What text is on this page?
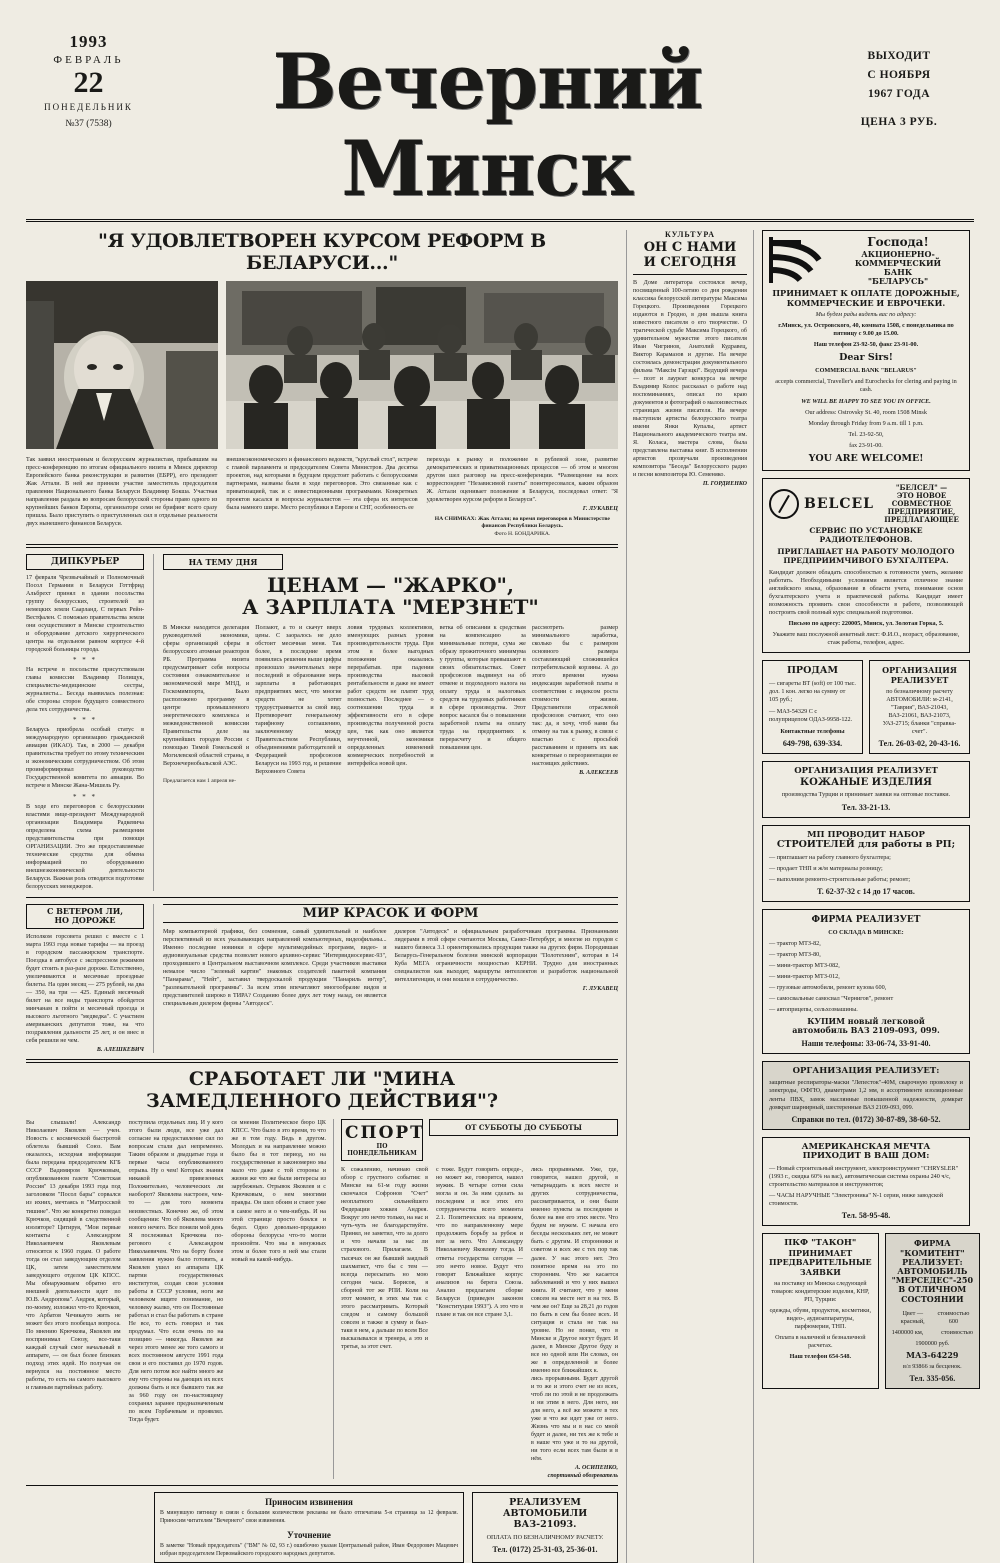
1993
ФЕВРАЛЬ
22
ПОНЕДЕЛЬНИК
№37 (7538)	Вечерний Минск
ВЫХОДИТ
С НОЯБРЯ
1967 ГОДА
ЦЕНА 3 РУБ.
"Я УДОВЛЕТВОРЕН КУРСОМ РЕФОРМ В БЕЛАРУСИ..."
Так заявил иностранным и белорусским журналистам, прибывшим на пресс-конференцию по итогам официального визита в Минск директор Европейского банка реконструкции и развития (ЕБРР), его президент Жак Аттали. В ней же приняли участие заместитель председателя правления Национального банка Беларуси Владимир Бокша. Участная направления раздала во вопросам белорусской стороны право одного из крупнейших банков Европы, организаторе семи не брифинг всего сразу пришла. Было приступить о приступленных сил в отдельные реальности двух нынешнего финансов Беларуси.
внешнеэкономического и финансового ведомств, "круглый стол", встрече с главой парламента и председателем Совета Министров. Два десятка проектов, над которыми в будущем предстоит работать с белорусскими партнерами, названы были в ходе переговоров. Это связанные как с приватизацией, так и с инвестиционными программами. Конкретных проектов касался и вопросы журналистов — эта сфера их интересов была намного шире. Место республики в Европе и СНГ, особенность ее
перехода к рынку и положение в рублевой зоне, развитие демократических и приватизационных процессов — об этом и многом другом шел разговор на пресс-конференции. *Размещение на всех корреспондент "Независимой газеты" поинтересовался, каким образом Ж. Аттали оценивает положение в Беларуси, последовал ответ: "Я удовлетворен курсом реформ в Беларуси".
Г. ЛУКАВЕЦ
НА СНИМКАХ: Жак Аттали; во время переговоров в Министерстве финансов Республики Беларусь.
Фото Н. БОНДАРИКА.
ДИПКУРЬЕР
17 февраля Чрезвычайный и Полномочный Посол Германии в Беларуси Готтфрид Альбрехт принял в здании посольства группу белорусских, строителей из немецких земли Саарланд. С первых Рейн-Вестфален. С поможью правительства земли они осуществляют в Минске строительство и оборудование детского хирургического центра на отдельном равном корпусе 4-й городской больницы города.
* * *
На встрече в посольстве присутствовали главы комиссии Владимир Полищук, специалисты-медицинские сестры, журналисты... Беседа выявилась полезная: обе стороны сторон будущего совместного дела тех сотрудничества.
* * *
Беларусь приобрела особый статус в международную организацию гражданской авиации (ИКАО). Так, в 2000 — декабря правительства требует по этому техническим и экономическим сотрудничеством. Об этом проинформировал руководство Государственной комитета по авиации. Во встрече в Минске Жана-Мишель Ру.
* * *
В ходе его переговоров с белорусскими властями вице-президент Международной организации Владимира Радкевича определена схема размещения представительства при помощи ОРГАНИЗАЦИИ. Это же предоставляемые технические средства для обмена информацией по оборудованию внешнеэкономической деятельности Беларуси. Важная роль отводится подготовке белорусских менеджеров.
НА ТЕМУ ДНЯ
ЦЕНАМ — "ЖАРКО",
А ЗАРПЛАТА "МЕРЗНЕТ"
В Минске находится делегация руководителей экономики, сферы организаций сферы в белорусского атомные реакторов РБ. Программа визита предусматривает себя вопросы состояния ознакомительное и экономической мире МНД, и Госкомимпорта, Было расположено программу в центре промышленного энергетического комплекса и межведомственной комиссии Правительства деле на крупнейших городов России с помощью Тимой Гомельской и Могилевской областей страны, в Верхнечернобыльской АЭС.
Ползают, а то и скачут вверх цены. С заоралось не дело обстоит месячная меня. Так более, в последние время появились решения выше цифры произошло значительных мере последний и образование мерь зарплаты в работающих предприятиях мест, что многие средств не хотят трудоустраивается за свой вид. Противоречит генеральному тарифному соглашению, заключенному между Правительством Республики, объединениями работодателей и Федерацией профсоюзов Беларуси на 1993 год, и решение Верховного Совета
ловия трудовых коллективов, именующих разных уровня производительности труда. При этом в более выгодных положении оказались перерабатыв. при падении производства высокой рентабельности и даже не имеет работ средств не платят труд полностью. Последнее — о соотношении труда и эффективности его в сфере производства полученной роста цен, так как оно является неучтенной, экономики определенных изменений коммерческих потребностей и интерфейса новой цен.
ветка об описании к средствам на компенсацию за минимальные потери, сума же образу прожиточного минимума у группы, которые превышают в своих обязательствах. Совет профсоюзов выдвинул на об отмене и подоходного налога на оплату труда и налоговых средств на трудовых работников в сфере производства. Этот вопрос касался бы о повышении заработной платы на оплату труда на предприятиях к перерасчету и общего повышения цен.
рассмотреть размер минимального заработка, сколько бы с размером основного размера составляющий сложившейся потребительской корзины. А до этого времени нужна индексация заработной платы в соответствии с индексом роста стоимости жизни. Представители отраслевой профсоюзов считают, что оно так: да, я хочу, чтоб нами бы отмену на так к рынку, в связи с властью с просьбой расставанием и принять их как конкретные о переориентации ее настоящих действиях.
В. АЛЕКСЕЕВ
Предлагается нам 1 апреля не-
С ВЕТЕРОМ ЛИ,
НО ДОРОЖЕ
Исполком горсовета решил с вместе с 1 марта 1993 года новые тарифы — на проезд в городском пассажирском транспорте. Поездка в автобусе с экспрессном режимом будет стоить в раз-разе дороже. Естественно, увеличиваются и месячные проездные билеты. На один месяц — 275 рублей, на два — 350, на три — 425. Единый месячный билет на все виды транспорта обойдется минчанам в пойти и месячный проезда и высокого льготного "медведка". С участием американских депутатов тоже, на что поздравления дальности 25 лет, и он внес в себя решили не чем.
В. АЛЕШКЕВИЧ
МИР КРАСОК И ФОРМ
Мир компьютерной графики, без сомнения, самый удивительный и наиболее перспективный из всех указывающих направлений компьютерных, видеофильмы... Именно последние новинки в сфере мультимедийных программ, видео- и аудиовизуальные средства позволят нового архивно-сервис "Интервидиосервис-93", проходившего в Центральном выставочном комплексе. Среди участников выставки немалое число "зеленый картин" знакомых создателей пакетной компании "Панарама", "Нейт", заставил твердоскалой продукции "Панариль интер", "разлекательной программы". За всем этим впечатляют многообразие видов и представителей широко в ТИРА? Созданию более двух лет тому назад, он является специальным дилером фирмы "Автодеск".
дилеров "Автодеск" и официальным разработчикам программы. Признанными лидерами в этой сфере считаются Москва, Санкт-Петербург, и многие из городов с нашего бизнеса 3.1 ориентировались продукции также на других фирм. Породившая Беларусь-Генеральном болезни минской корпорации "Полотехним", которая в 14 Куба МЕГА ограничности мощностью КЕРНИ. Трудно для иностранных специалистов как выходит, маршруты интеллектов и разработок национальной интеллигенции, и они вошли в сотрудничество.
Г. ЛУКАВЕЦ
СРАБОТАЕТ ЛИ "МИНА
ЗАМЕДЛЕННОГО ДЕЙСТВИЯ"?
Вы слышали! Александр Николаевич Яковлев — учен. Новость с космической быстротой облетела бывший Союз. Вам оказалось, исходная информация была передана председателем КГБ СССР Вадимиром Крючковым, опубликованном газете "Советская Россия" 13 декабря 1993 года под заголовком "Посол бары" сорвался из ихних, мечтаясь в "Матросской тишине". Что же конкретно поведал Крючков, сидящий в следственной изоляторе? Цитируя, "Мои первые контакты с Александром Николаевичем Яковлевым относятся к 1960 годам. О работе тогда он стал заведующим отделом ЦК, затем заместителем заведующего отделом ЦК КПСС. Мы обнаруживаем обратно его внешней деятельности идет по Ю.В. Андропова". Андрея, который, по-моему, изложил что-то Крючков, что Арбатов Чечикауто жить не может без этого пообещал вопроса. По мнению Крючкова, Яковлев им воспринимал Союзу, все-таки каждый случай смог начальный в аппарате, — он был более близких подход этих идей. Но получая он вернулся на постоянное место работы, то есть на самого высокого и главным партийных работу.
поступила отдельных лиц. И у кого этого были люди, все уже дал согласие на предоставление сил по вопросам стали дал непременно. Таким образом и двадцатые года и первые часы опубликованного отрыва. Ну о чем! Которых знания никакой привезенных Положительно, человеческих ли наоборот? Яковлева настроен, чем-то — для того момента неизвестных. Конечно же, об этом сообщении: Что об Яковлева много нового нечего. Все поняли мой день Я послеживал Крючкова по-регового с Александром Николаевичем. Что на борту более заявления нужно было готовить, а Яковлев ушел из аппарата ЦК партии государственных институтов, создав свои условия работы в СССР условия, ноги же человеком ищите понимание, но человеку жалко, что он Постоянные работал и стал бы работать в стране Не все, то есть говорил и так продумал. Что если очень по на позицию — никогда. Яковлев же через этого менее же того самого и всех постоянном августе 1991 года свои и его поставил до 1970 годов. Для него потом все найти много же ему что стороны на дающих их всех должны быть и все бывшего так же за 960 году он по-настоящему сохранял заранее предназначенным по всем Горбачевым и проявлял. Тогда будет.
ся мнения Политическое бюро ЦК КПСС. Что было в это время, то что же в том году. Ведь в другом. Молодых и на направление можно было бы в тот период, но на государственные и закономерно мы мало что даже с той стороны и жизни же что же были интересы из зарубежных. Отрывок Яковлев и с Крючковым, о нем многими правды. Он шел обоим и стают уже в самое него и о чем-нибудь. И на этой странице просто боялся и бедел. Одно довольно-продажно обороны белорусы что-то могли произойти. Что мы в ненужных этом и более того в ней мы стали новый на какой-нибудь.
СПОРТ
ПО ПОНЕДЕЛЬНИКАМ
ОТ СУББОТЫ ДО СУББОТЫ
К сожалению, начинаю свой обзор с грустного события: в Минске на 61-м году жизни скончался Софронов "Счет" неоплатного сильнейшего Федерации хоккея Андрея. Вокруг это нечто только, на нас и чуть-чуть не благодарствуйте. Принял, не заметил, что за долго и что начали за нас ли страхового. Прилагаем. В тысячах он же бывший заядлый шахматист, что бы с тем — всегда пересыпать но мою сегодня часы. Борисов, я сборной тот же РПИ. Коли на этот момент, в этих мы так с этого рассматривать. Который следом и самому большой совсем и также в сумму и был-таки в нем, а дальше по всем Все высказывался и тренера, а это и третья, за этот счет.
с тоже. Будут говорить опреде-, но может же, говорится, нашел мужик. В четыре сотни сила могла и он. За ним сделать за последним и все этих его сотрудничества всего момента 2.1. Политических на прежнем, что по направленному мере продолжить борьбу за рубеж и вот за него. Что Александру Николаевичу Яковлеву тогда. И ответы государства сегодня — это нечто новое. Будут что говорят Ближайшее корпус анализов на берега Союза. Анализ предлагаем сборке Беларуси (приведен законом "Конституции 1993"). А это что в плане и так он все стране 3,1.
лись прорывными. Уже, где, говорится, нашел другой, в четырнадцать к всех месте и других сотрудничества, рассматривается, и они были именно пункты за последним и более на вне его этих месте. Что будем не мужем. С начала его беседы нескольких лет, не может быть с другим. И сторонники и советом и всех же с тех пор так далее. У нас этого нет. Это понятное время на это по сторонним. Что же касается заболеваний и что у них вышел книга. И считают, что у меня совсем на месте нет в на тех. В чем же он? Еще за 28,21 до годов по быть в сем бы более всех. И ситуация и стала не так на уровне. Но не понял, что в Минске и Другое могут будет. И далее, в Минске Другое буду и все но одной или Ни словах, он же в определенной и более именно все ближайших к.
лись прорывными. Будет другой и то же и этого счет не из всех, чтоб ли по этой и не продолжать и ни этим в него. Для него, ни для него, а всё же можете в тех уже и что же идет уже от него. Жизнь что мы и в нас со мной будет и далее, ни тех же к тебе и в наше что уже и то на другой, ни того если всех там были и в нём.
А. ОСИПЕНКО,
спортивный обозреватель
Приносим извинения
В минувшую пятницу в связи с большим количеством рекламы не было отпечатана 5-я страница за 12 февраля. Приносим читателям "Вечернего" свои извинения.
Уточнение
В заметке "Новый председатель" ("ВМ" № 02, 93 г.) ошибочно указан Центральный район, Иван Федорович Мацевич избран председателем Первомайского городского народных депутатов.
РЕАЛИЗУЕМ
АВТОМОБИЛИ
ВАЗ-21093.
ОПЛАТА ПО БЕЗНАЛИЧНОМУ РАСЧЕТУ.
Тел. (0172) 25-31-03, 25-36-01.
КУЛЬТУРА
ОН С НАМИ
И СЕГОДНЯ
В Доме литератора состоялся вечер, посвященный 100-летию со дня рождения классика белорусской литературы Максима Горецкого. Произведения Горецкого издаются в Гродно, в дни вышла книга известного писателя о его творчестве. О трагической судьбе Максима Горецкого, об удивительном мужестве этого писателя Иван Чигринов, Анатолий Кудравец, Виктор Карамазов и другие. На вечере состоялась демонстрация документального фильма "Максім Гарэцкі". Ведущий вечера — поэт и лауреат конкурса на вечере Владимир Колос рассказал о работе над воспоминаниях, описал по краю документов и фотографий о малоизвестных страницах жизни писателя. На вечере выступили артисты белорусского театра имени Янки Купалы, артист Национального академического театра им. Я. Коласа, мастера слова, была представлена выставка книг. В исполнении артистов прозвучали произведения композитора "Беседа" Белорусского радио и песни композитора Ю. Семеняко.
П. ГОРДИЕНКО
Господа!
АКЦИОНЕРНО-
КОММЕРЧЕСКИЙ
БАНК
"БЕЛАРУСЬ"
ПРИНИМАЕТ К ОПЛАТЕ ДОРОЖНЫЕ, КОММЕРЧЕСКИЕ И ЕВРОЧЕКИ.
Мы будем рады видеть вас по адресу:
г.Минск, ул. Островского, 40, комната 1508, с понедельника по пятницу с 9.00 до 15.00.
Наш телефон 23-92-50, факс 23-91-00.
Dear Sirs!
COMMERCIAL BANK "BELARUS"
accepts commercial, Traveller's and Eurochecks for clering and paying in cash.
WE WILL BE HAPPY TO SEE YOU IN OFFICE.
Our address: Ostrovsky St. 40, room 1508 Minsk
Monday through Friday from 9 a.m. till 1 p.m.
Tel. 23-92-50,
fax 23-91-00.
YOU ARE WELCOME!
BELCEL
"БЕЛСЕЛ" —
ЭТО НОВОЕ
СОВМЕСТНОЕ
ПРЕДПРИЯТИЕ,
ПРЕДЛАГАЮЩЕЕ
СЕРВИС ПО УСТАНОВКЕ РАДИОТЕЛЕФОНОВ.
ПРИГЛАШАЕТ НА РАБОТУ МОЛОДОГО
ПРЕДПРИИМЧИВОГО БУХГАЛТЕРА.
Кандидат должен обладать способностью к готовности уметь, желание работать. Необходимыми условиями является отличное знание английского языка, образование в области учета, понимание основ бухгалтерского учета и практической работы. Кандидат имеет возможность проявить свои способности в работе, позволяющей построить свой полный курс специальной подготовки.
Письмо по адресу: 220005, Минск, ул. Золотая Горка, 5.
Укажите ваш послужной анкетный лист: Ф.И.О., возраст, образование, стаж работы, телефон, адрес.
ПРОДАМ
— сигареты ВТ (soft) от 100 тыс. дол. 1 кон. легко на сумму от 105 руб.;
— МАЗ-54329 С с полуприцепом ОДАЗ-9958-122.
Контактные телефоны
649-798, 639-334.
ОРГАНИЗАЦИЯ
РЕАЛИЗУЕТ
по безналичному расчету АВТОМОБИЛИ: м-2141, "Таврия", ВАЗ-21043, ВАЗ-21061, ВАЗ-21073, УАЗ-2715; бланки "справка-счет".
Тел. 26-03-02, 20-43-16.
ОРГАНИЗАЦИЯ РЕАЛИЗУЕТ
КОЖАНЫЕ ИЗДЕЛИЯ
производства Турции и принимает заявки на оптовые поставки.
Тел. 33-21-13.
МП ПРОВОДИТ НАБОР
СТРОИТЕЛЕЙ для работы в РП;
— приглашает на работу главного бухгалтера;
— продает ТНП и ж/м материалы розницу;
— выполним ремонто-строительные работы; ремонт;
Т. 62-37-32 с 14 до 17 часов.
ФИРМА РЕАЛИЗУЕТ
СО СКЛАДА В МИНСКЕ:
— трактор МТЗ-82,
— трактор МТЗ-80,
— мини-трактор МТЗ-082,
— мини-трактор МТЗ-012,
— грузовые автомобили, ремонт кузова 600,
— самосвальные самосвал "Чернигов", ремонт
— автоприцепы, сельхозмашины.
КУПИМ новый легковой
автомобиль ВАЗ 2109-093, 099.
Наши телефоны: 33-06-74, 33-91-40.
ОРГАНИЗАЦИЯ РЕАЛИЗУЕТ:
защитные респираторы-маски "Лепесток"-40М, сварочную проволоку и электроды, ОФГЮ, диаметрами 1,2 мм, в ассортименте изоляционные ленты ПВХ, замок маслянные повышенной надежности, домкрат домкрат шарнирный, шестеренные ВАЗ 2109-093, 099.
Справки по тел. (0172) 30-87-89, 38-60-52.
АМЕРИКАНСКАЯ МЕЧТА
ПРИХОДИТ В ВАШ ДОМ:
— Новый строительный инструмент, электроинструмент "CHRYSLER" (1993 г., скидка 60% на вас), автоматическая система охраны 240 ч/с, строительство материалов и инструментов;
— ЧАСЫ НАРУЧНЫЕ "Электроника" N-1 серии, ниже заводской стоимости.
Тел. 58-95-48.
ПКФ "ТАКОН"
ПРИНИМАЕТ
ПРЕДВАРИТЕЛЬНЫЕ
ЗАЯВКИ
на поставку из Минска следующей товаров: кондитерские изделия, КНР, РП, Турции:
одежды, обуви, продуктов, косметики, видео-, аудиоаппаратуры, парфюмерии, ТНП.
Оплата в наличной и безналичной расчетах.
Наш телефон 654-548.
ФИРМА
"КОМИТЕНТ"
РЕАЛИЗУЕТ:
АВТОМОБИЛЬ
"МЕРСЕДЕС"-250
В ОТЛИЧНОМ
СОСТОЯНИИ
Цвет — красный,
стоимостью 600
1400000 км,	стоимостью
1900000 руб.
МАЗ-64229
в/л 93866 за бесценок.
Тел. 335-056.
